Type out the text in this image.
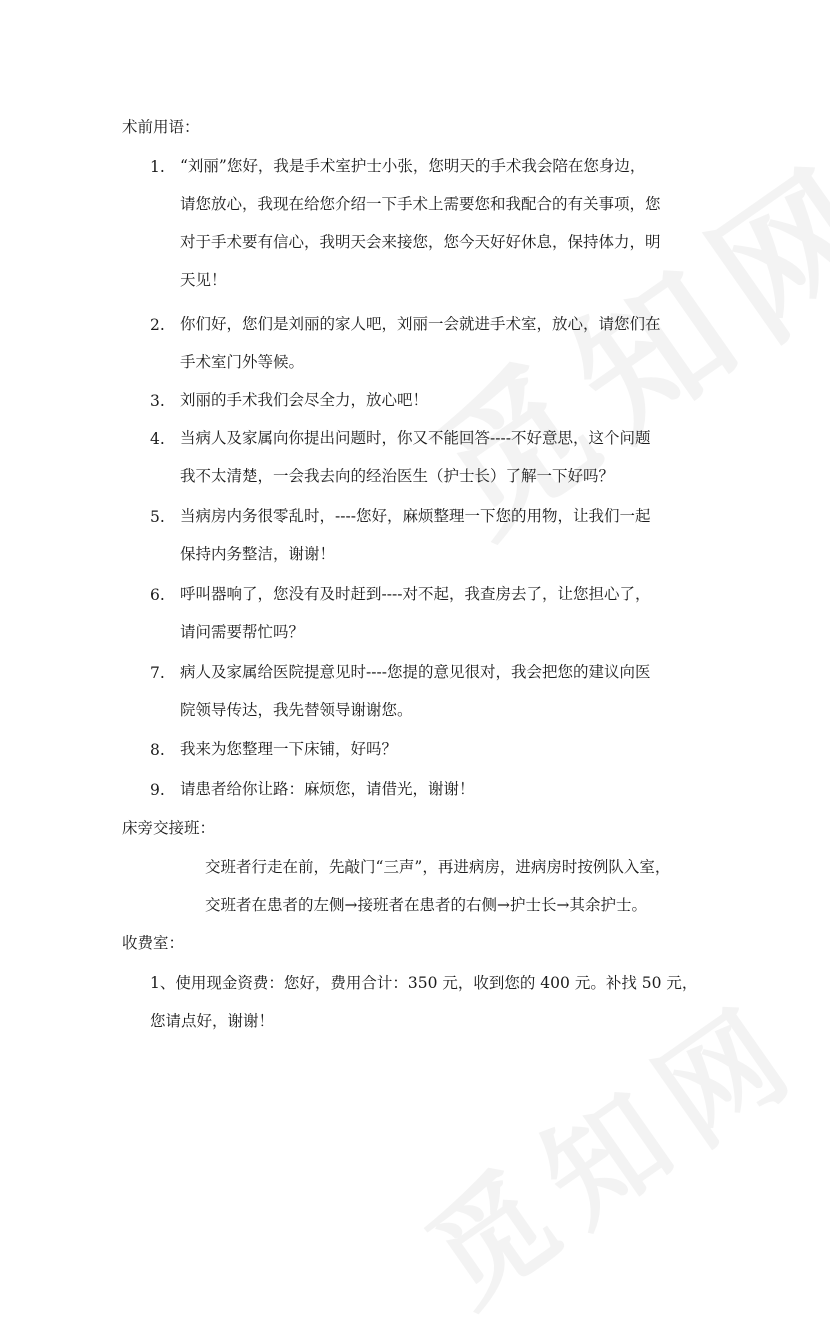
术前用语：
1. “刘丽”您好，我是手术室护士小张，您明天的手术我会陪在您身边，
请您放心，我现在给您介绍一下手术上需要您和我配合的有关事项，您
对于手术要有信心，我明天会来接您，您今天好好休息，保持体力，明
天见！
2. 你们好，您们是刘丽的家人吧，刘丽一会就进手术室，放心，请您们在
手术室门外等候。
3. 刘丽的手术我们会尽全力，放心吧！
4. 当病人及家属向你提出问题时，你又不能回答----不好意思，这个问题
我不太清楚，一会我去向的经治医生（护士长）了解一下好吗？
5. 当病房内务很零乱时，----您好，麻烦整理一下您的用物，让我们一起
保持内务整洁，谢谢！
6. 呼叫器响了，您没有及时赶到----对不起，我查房去了，让您担心了，
请问需要帮忙吗？
7. 病人及家属给医院提意见时----您提的意见很对，我会把您的建议向医
院领导传达，我先替领导谢谢您。
8. 我来为您整理一下床铺，好吗？
9. 请患者给你让路：麻烦您，请借光，谢谢！
床旁交接班：
交班者行走在前，先敲门“三声”，再进病房，进病房时按例队入室，
交班者在患者的左侧→接班者在患者的右侧→护士长→其余护士。
收费室：
1、使用现金资费：您好，费用合计：350 元，收到您的 400 元。补找 50 元，
您请点好，谢谢！
